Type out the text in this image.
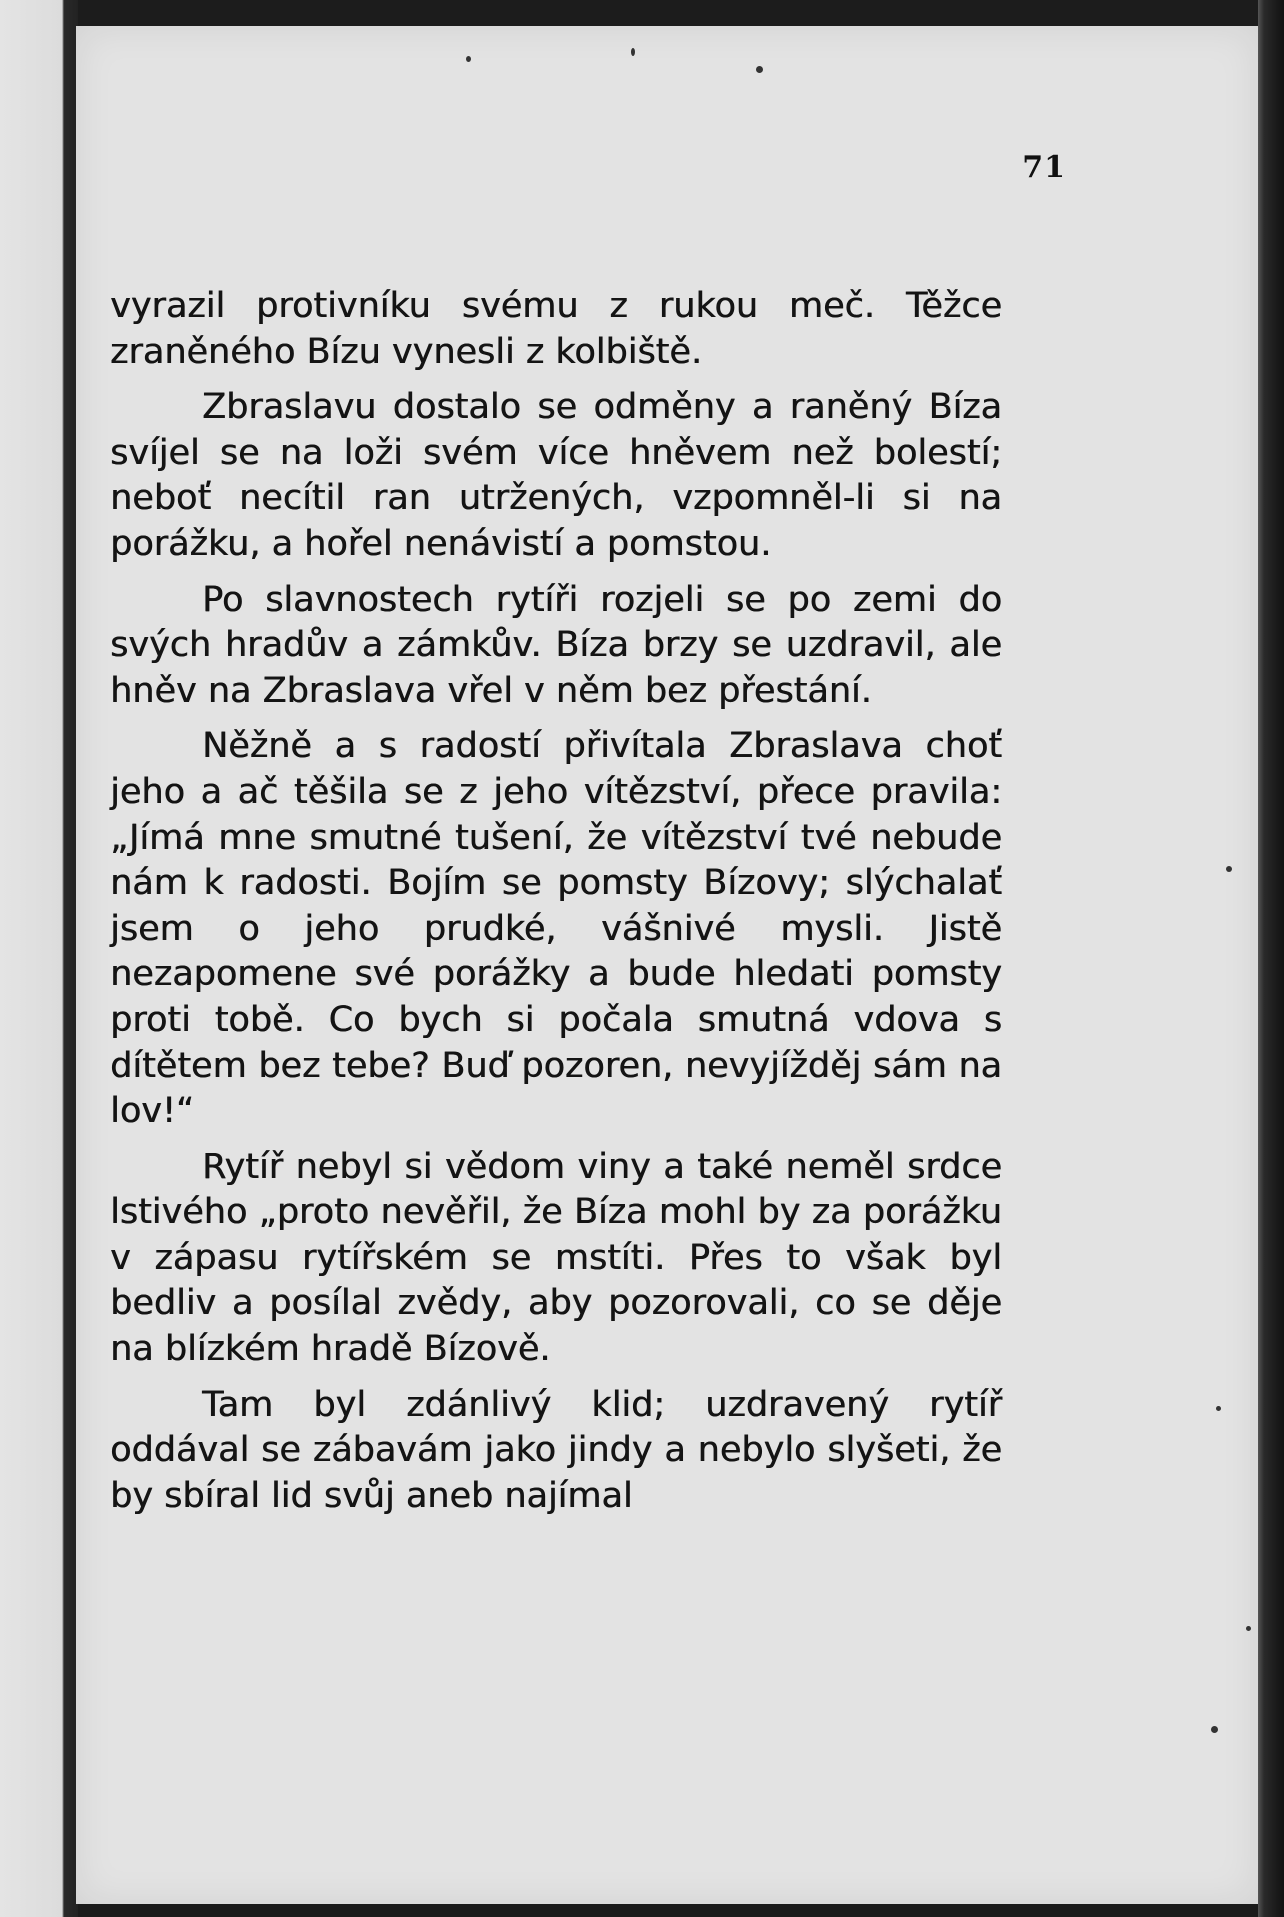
71

vyrazil protivníku svému z rukou meč. Těžce zraněného Bízu vynesli z kolbiště.

Zbraslavu dostalo se odměny a raněný Bíza svíjel se na loži svém více hněvem než bolestí; neboť necítil ran utržených, vzpomněl-li si na porážku, a hořel nenávistí a pomstou.

Po slavnostech rytíři rozjeli se po zemi do svých hradův a zámkův. Bíza brzy se uzdravil, ale hněv na Zbraslava vřel v něm bez přestání.

Něžně a s radostí přivítala Zbraslava choť jeho a ač těšila se z jeho vítězství, přece pravila: „Jímá mne smutné tušení, že vítězství tvé nebude nám k radosti. Bojím se pomsty Bízovy; slýchalať jsem o jeho prudké, vášnivé mysli. Jistě nezapomene své porážky a bude hledati pomsty proti tobě. Co bych si počala smutná vdova s dítětem bez tebe? Buď pozoren, nevyjížděj sám na lov!“

Rytíř nebyl si vědom viny a také neměl srdce lstivého „proto nevěřil, že Bíza mohl by za porážku v zápasu rytířském se mstíti. Přes to však byl bedliv a posílal zvědy, aby pozorovali, co se děje na blízkém hradě Bízově.

Tam byl zdánlivý klid; uzdravený rytíř oddával se zábavám jako jindy a nebylo slyšeti, že by sbíral lid svůj aneb najímal
